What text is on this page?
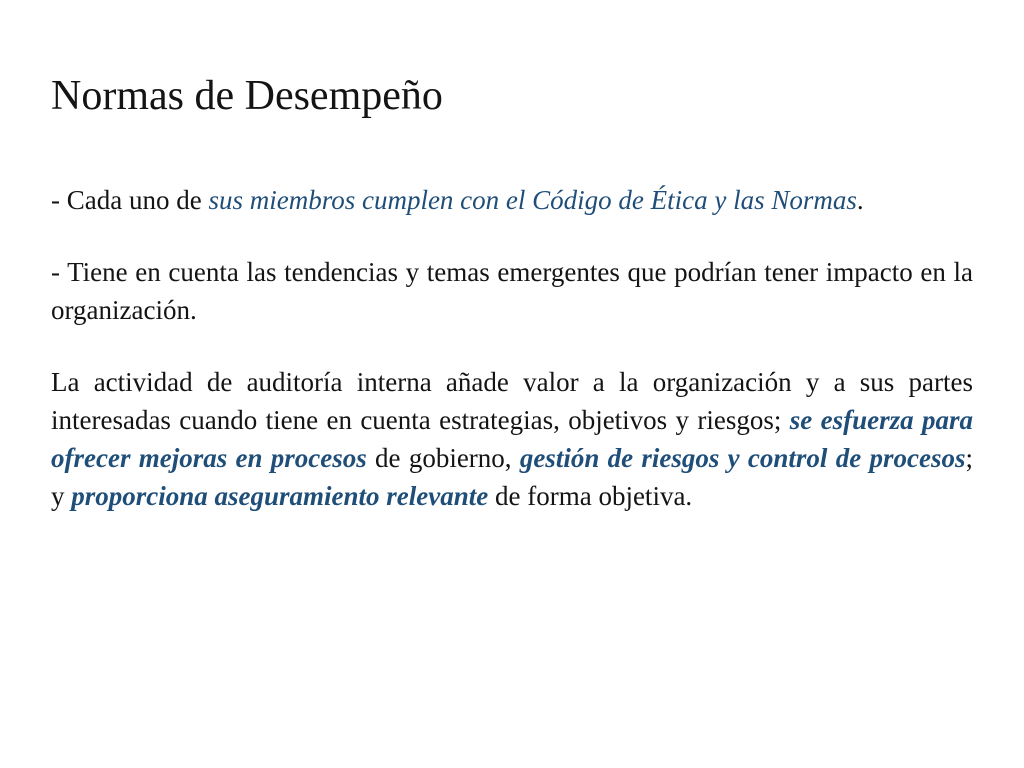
Normas de Desempeño

- Cada uno de sus miembros cumplen con el Código de Ética y las Normas.

- Tiene en cuenta las tendencias y temas emergentes que podrían tener impacto en la organización.

La actividad de auditoría interna añade valor a la organización y a sus partes interesadas cuando tiene en cuenta estrategias, objetivos y riesgos; se esfuerza para ofrecer mejoras en procesos de gobierno, gestión de riesgos y control de procesos; y proporciona aseguramiento relevante de forma objetiva.
